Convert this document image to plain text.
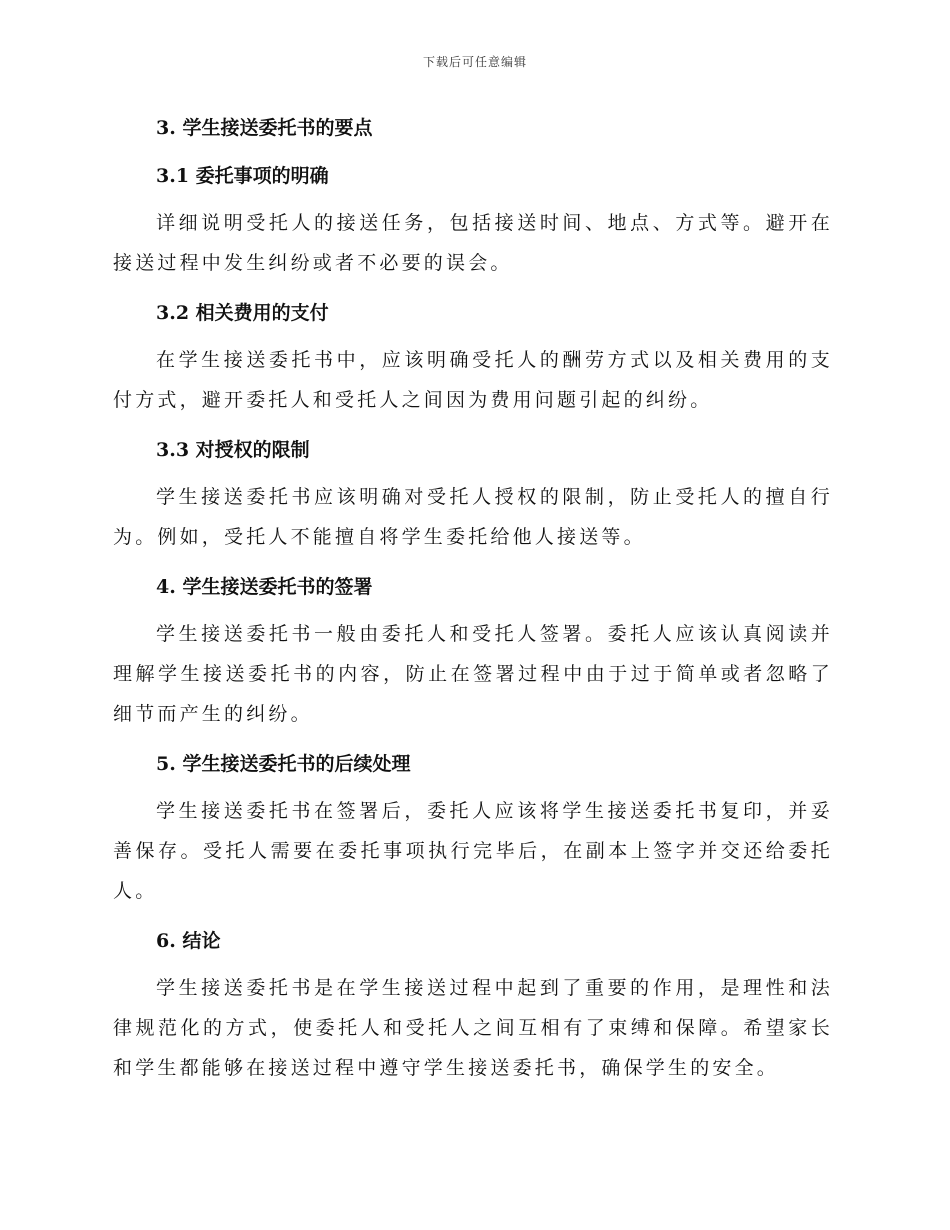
下载后可任意编辑
3. 学生接送委托书的要点
3.1 委托事项的明确

详细说明受托人的接送任务，包括接送时间、地点、方式等。避开在接送过程中发生纠纷或者不必要的误会。

3.2 相关费用的支付

在学生接送委托书中，应该明确受托人的酬劳方式以及相关费用的支付方式，避开委托人和受托人之间因为费用问题引起的纠纷。

3.3 对授权的限制

学生接送委托书应该明确对受托人授权的限制，防止受托人的擅自行为。例如，受托人不能擅自将学生委托给他人接送等。

4. 学生接送委托书的签署

学生接送委托书一般由委托人和受托人签署。委托人应该认真阅读并理解学生接送委托书的内容，防止在签署过程中由于过于简单或者忽略了细节而产生的纠纷。

5. 学生接送委托书的后续处理

学生接送委托书在签署后，委托人应该将学生接送委托书复印，并妥善保存。受托人需要在委托事项执行完毕后，在副本上签字并交还给委托人。

6. 结论

学生接送委托书是在学生接送过程中起到了重要的作用，是理性和法律规范化的方式，使委托人和受托人之间互相有了束缚和保障。希望家长和学生都能够在接送过程中遵守学生接送委托书，确保学生的安全。
